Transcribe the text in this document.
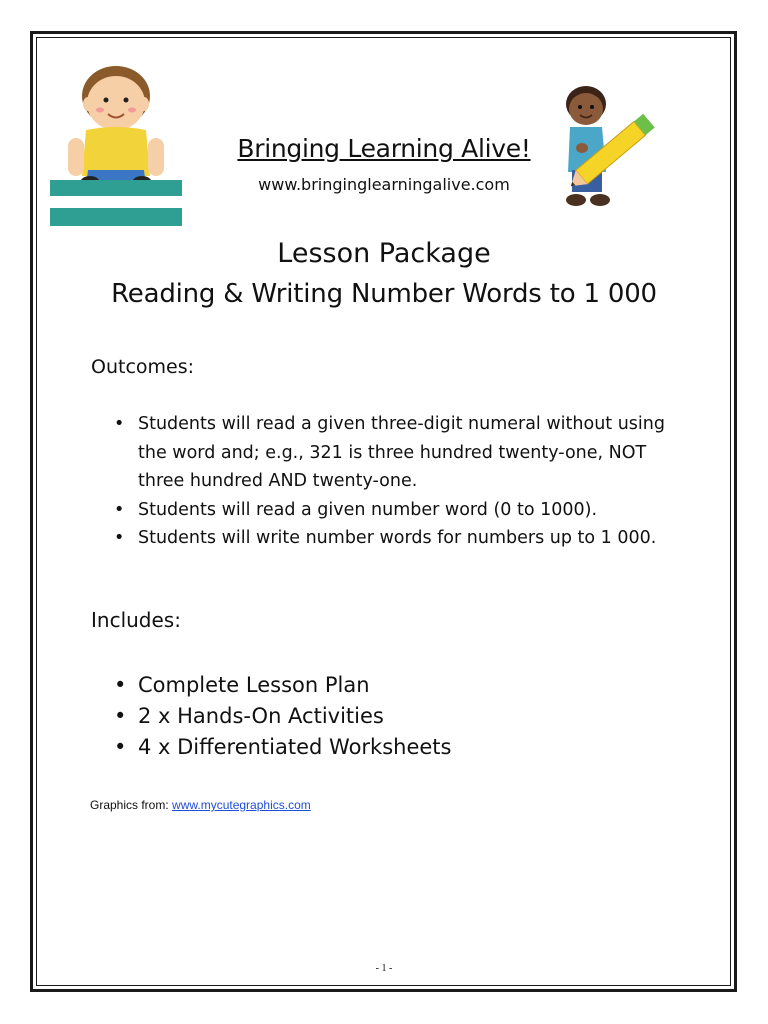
Bringing Learning Alive!
www.bringinglearningalive.com
Lesson Package
Reading & Writing Number Words to 1 000
Outcomes:
• Students will read a given three-digit numeral without using the word and; e.g., 321 is three hundred twenty-one, NOT three hundred AND twenty-one.
• Students will read a given number word (0 to 1000).
• Students will write number words for numbers up to 1 000.
Includes:
• Complete Lesson Plan
• 2 x Hands-On Activities
• 4 x Differentiated Worksheets
Graphics from: www.mycutegraphics.com
- 1 -
